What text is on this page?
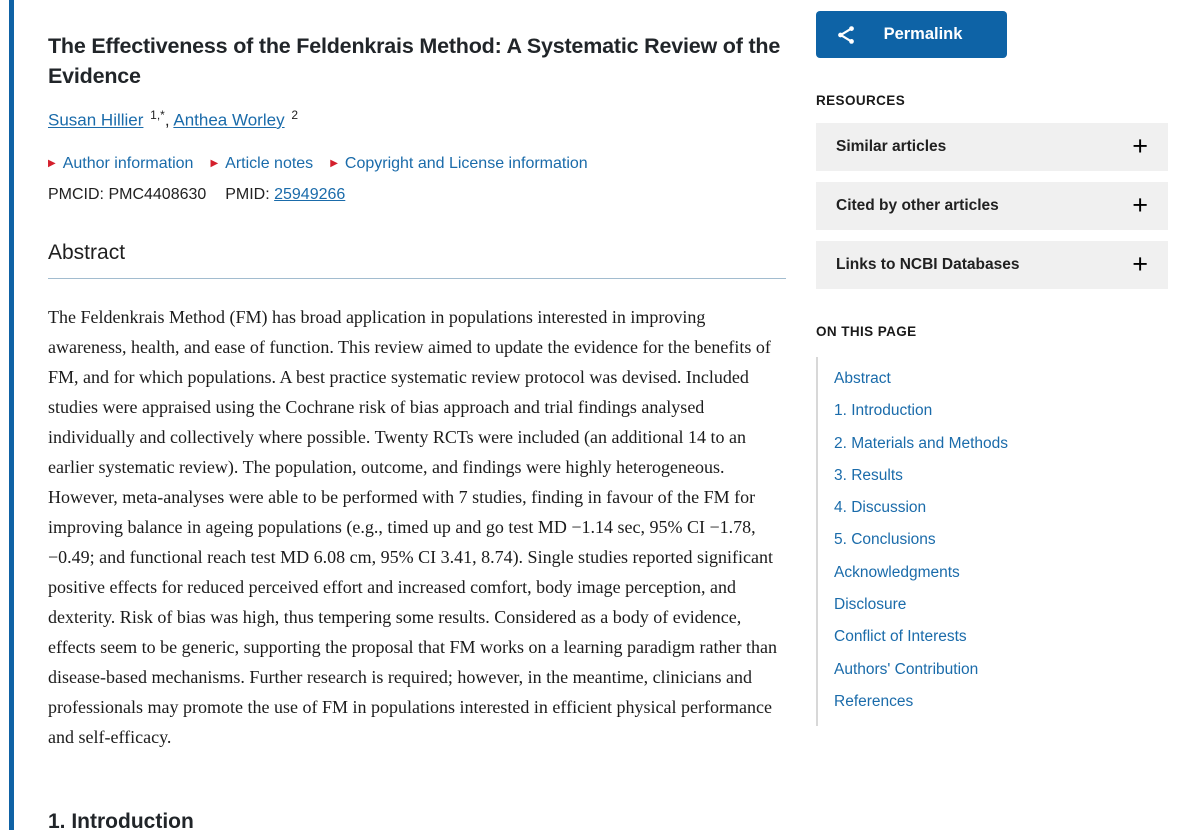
The Effectiveness of the Feldenkrais Method: A Systematic Review of the Evidence
Susan Hillier $^{1,*}$, Anthea Worley $^2$
▶ Author information ▶ Article notes ▶ Copyright and License information
PMCID: PMC4408630 PMID: 25949266
Abstract

The Feldenkrais Method (FM) has broad application in populations interested in improving awareness, health, and ease of function. This review aimed to update the evidence for the benefits of FM, and for which populations. A best practice systematic review protocol was devised. Included studies were appraised using the Cochrane risk of bias approach and trial findings analysed individually and collectively where possible. Twenty RCTs were included (an additional 14 to an earlier systematic review). The population, outcome, and findings were highly heterogeneous. However, meta-analyses were able to be performed with 7 studies, finding in favour of the FM for improving balance in ageing populations (e.g., timed up and go test MD −1.14 sec, 95% CI −1.78, −0.49; and functional reach test MD 6.08 cm, 95% CI 3.41, 8.74). Single studies reported significant positive effects for reduced perceived effort and increased comfort, body image perception, and dexterity. Risk of bias was high, thus tempering some results. Considered as a body of evidence, effects seem to be generic, supporting the proposal that FM works on a learning paradigm rather than disease-based mechanisms. Further research is required; however, in the meantime, clinicians and professionals may promote the use of FM in populations interested in efficient physical performance and self-efficacy.

1. Introduction
Permalink
RESOURCES
Similar articles	+
Cited by other articles	+
Links to NCBI Databases	+
ON THIS PAGE
Abstract
1. Introduction
2. Materials and Methods
3. Results
4. Discussion
5. Conclusions
Acknowledgments
Disclosure
Conflict of Interests
Authors' Contribution
References
